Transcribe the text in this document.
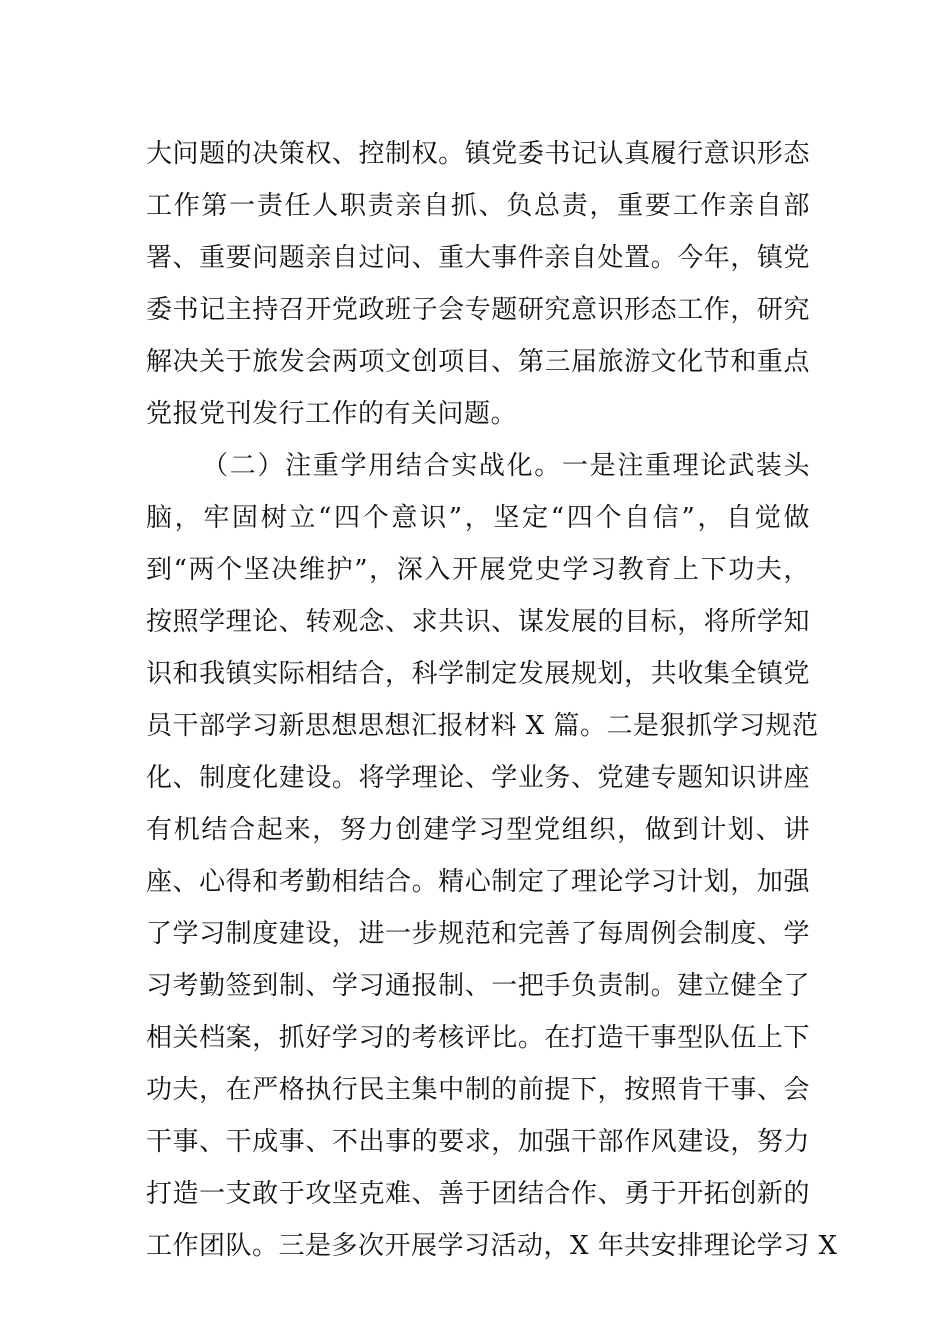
大问题的决策权、控制权。镇党委书记认真履行意识形态
工作第一责任人职责亲自抓、负总责，重要工作亲自部
署、重要问题亲自过问、重大事件亲自处置。今年，镇党
委书记主持召开党政班子会专题研究意识形态工作，研究
解决关于旅发会两项文创项目、第三届旅游文化节和重点
党报党刊发行工作的有关问题。
（二）注重学用结合实战化。一是注重理论武装头
脑，牢固树立“四个意识”，坚定“四个自信”，自觉做
到“两个坚决维护”，深入开展党史学习教育上下功夫，
按照学理论、转观念、求共识、谋发展的目标，将所学知
识和我镇实际相结合，科学制定发展规划，共收集全镇党
员干部学习新思想思想汇报材料 X 篇。二是狠抓学习规范
化、制度化建设。将学理论、学业务、党建专题知识讲座
有机结合起来，努力创建学习型党组织，做到计划、讲
座、心得和考勤相结合。精心制定了理论学习计划，加强
了学习制度建设，进一步规范和完善了每周例会制度、学
习考勤签到制、学习通报制、一把手负责制。建立健全了
相关档案，抓好学习的考核评比。在打造干事型队伍上下
功夫，在严格执行民主集中制的前提下，按照肯干事、会
干事、干成事、不出事的要求，加强干部作风建设，努力
打造一支敢于攻坚克难、善于团结合作、勇于开拓创新的
工作团队。三是多次开展学习活动，X 年共安排理论学习 X
